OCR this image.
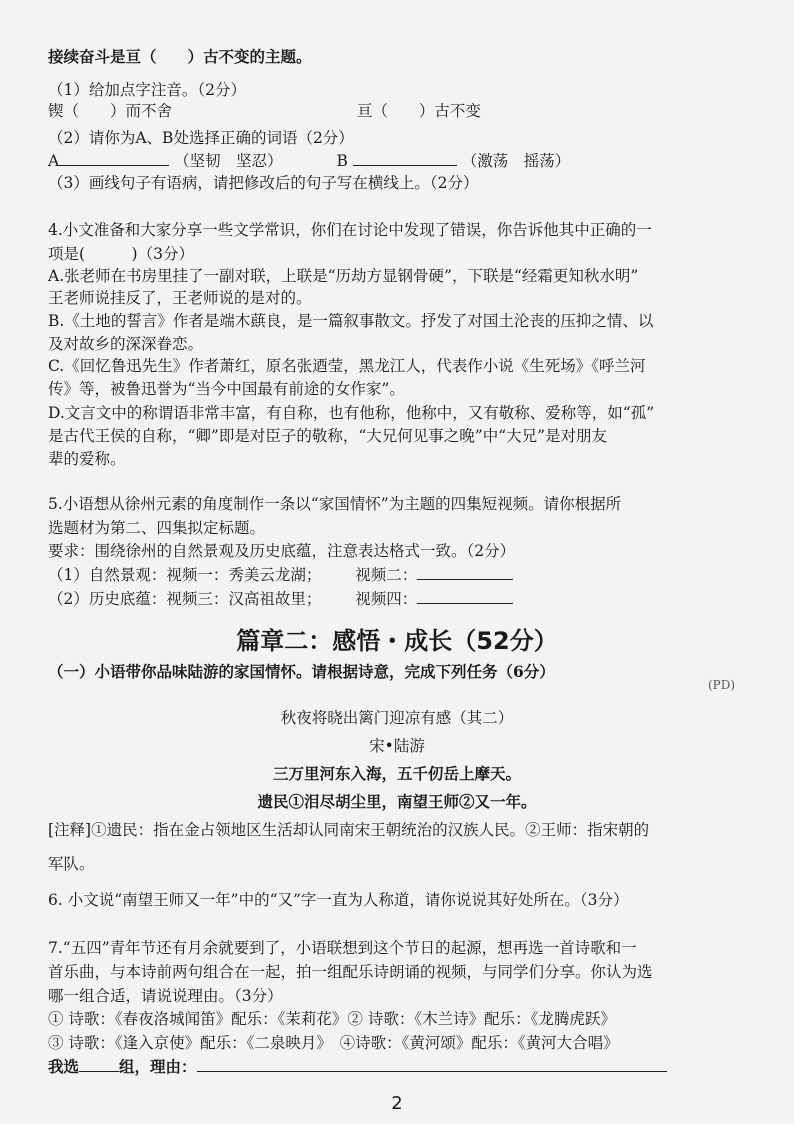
接续奋斗是亘（　　）古不变的主题。
（1）给加点字注音。（2分）
锲（　　）而不舍	亘（　　）古不变
（2）请你为A、B处选择正确的词语（2分）
A	（坚韧　坚忍）	B	（激荡　摇荡）
（3）画线句子有语病，请把修改后的句子写在横线上。（2分）
4.小文准备和大家分享一些文学常识，你们在讨论中发现了错误，你告诉他其中正确的一
项是(　　　)（3分）
A.张老师在书房里挂了一副对联，上联是“历劫方显钢骨硬”，下联是“经霜更知秋水明”
王老师说挂反了，王老师说的是对的。
B.《土地的誓言》作者是端木蕻良，是一篇叙事散文。抒发了对国土沦丧的压抑之情、以
及对故乡的深深眷恋。
C.《回忆鲁迅先生》作者萧红，原名张迺莹，黑龙江人，代表作小说《生死场》《呼兰河
传》等，被鲁迅誉为“当今中国最有前途的女作家”。
D.文言文中的称谓语非常丰富，有自称，也有他称，他称中，又有敬称、爱称等，如“孤”
是古代王侯的自称，“卿”即是对臣子的敬称，“大兄何见事之晚”中“大兄”是对朋友
辈的爱称。
5.小语想从徐州元素的角度制作一条以“家国情怀”为主题的四集短视频。请你根据所
选题材为第二、四集拟定标题。
要求：围绕徐州的自然景观及历史底蕴，注意表达格式一致。（2分）
（1）自然景观：视频一：秀美云龙湖； 视频二：
（2）历史底蕴：视频三：汉高祖故里； 视频四：
篇章二：感悟・成长（52分）
（一）小语带你品味陆游的家国情怀。请根据诗意，完成下列任务（6分）
(PD)
秋夜将晓出篱门迎凉有感（其二）
宋•陆游
三万里河东入海，五千仞岳上摩天。
遗民①泪尽胡尘里，南望王师②又一年。
[注释]①遗民：指在金占领地区生活却认同南宋王朝统治的汉族人民。②王师：指宋朝的
军队。
6. 小文说“南望王师又一年”中的“又”字一直为人称道，请你说说其好处所在。（3分）
7.“五四”青年节还有月余就要到了，小语联想到这个节日的起源，想再选一首诗歌和一
首乐曲，与本诗前两句组合在一起，拍一组配乐诗朗诵的视频，与同学们分享。你认为选
哪一组合适，请说说理由。（3分）
① 诗歌：《春夜洛城闻笛》配乐：《茉莉花》② 诗歌：《木兰诗》配乐：《龙腾虎跃》
③ 诗歌：《逢入京使》配乐：《二泉映月》　④诗歌：《黄河颂》配乐：《黄河大合唱》
我选	组，理由：
2
